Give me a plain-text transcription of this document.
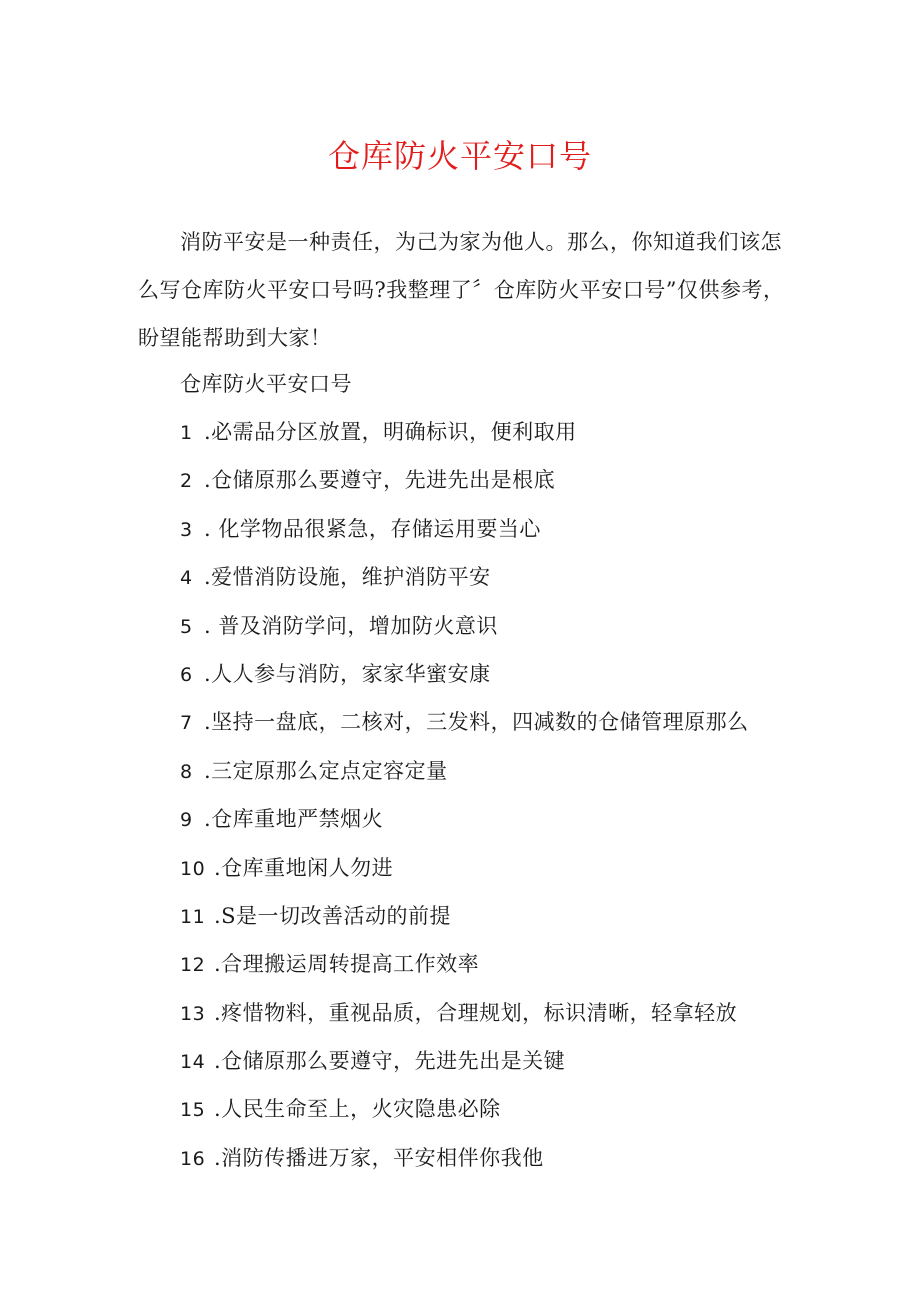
仓库防火平安口号

消防平安是一种责任，为己为家为他人。那么，你知道我们该怎么写仓库防火平安口号吗?我整理了〞仓库防火平安口号”仅供参考，盼望能帮助到大家！

仓库防火平安口号

1 .必需品分区放置，明确标识，便利取用
2 .仓储原那么要遵守，先进先出是根底
3 . 化学物品很紧急，存储运用要当心
4 .爱惜消防设施，维护消防平安
5 . 普及消防学问，增加防火意识
6 .人人参与消防，家家华蜜安康
7 .坚持一盘底，二核对，三发料，四减数的仓储管理原那么
8 .三定原那么定点定容定量
9 .仓库重地严禁烟火
10 .仓库重地闲人勿进
11 .S是一切改善活动的前提
12 .合理搬运周转提高工作效率
13 .疼惜物料，重视品质，合理规划，标识清晰，轻拿轻放
14 .仓储原那么要遵守，先进先出是关键
15 .人民生命至上，火灾隐患必除
16 .消防传播进万家，平安相伴你我他
